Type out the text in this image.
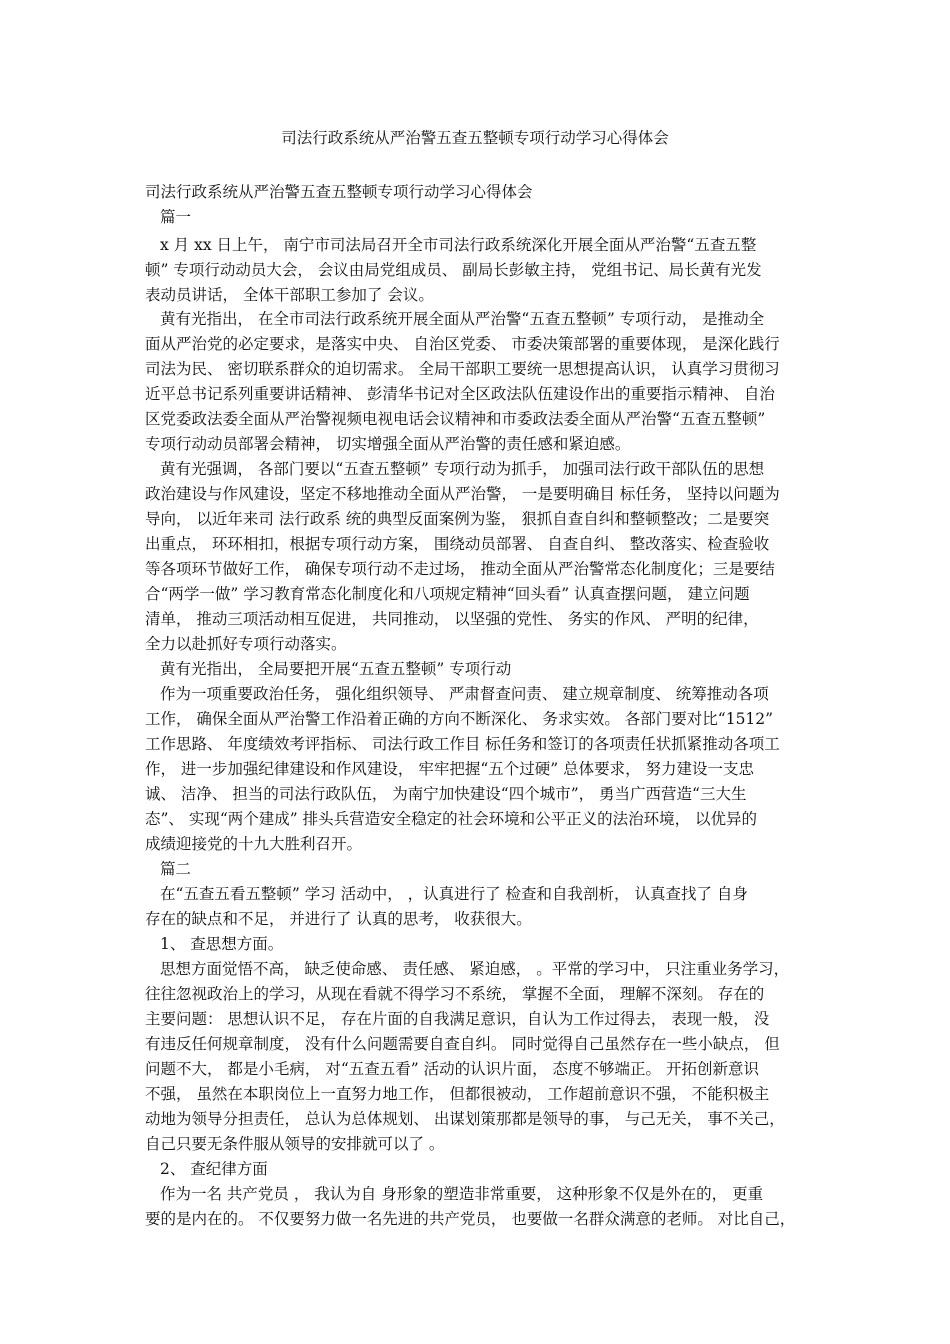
司法行政系统从严治警五查五整顿专项行动学习心得体会
司法行政系统从严治警五查五整顿专项行动学习心得体会
篇一
x 月 xx 日上午， 南宁市司法局召开全市司法行政系统深化开展全面从严治警“五查五整
顿” 专项行动动员大会， 会议由局党组成员、 副局长彭敏主持， 党组书记、局长黄有光发
表动员讲话， 全体干部职工参加了 会议。
黄有光指出， 在全市司法行政系统开展全面从严治警“五查五整顿” 专项行动， 是推动全
面从严治党的必定要求，是落实中央、 自治区党委、 市委决策部署的重要体现， 是深化践行
司法为民、 密切联系群众的迫切需求。 全局干部职工要统一思想提高认识， 认真学习贯彻习
近平总书记系列重要讲话精神、 彭清华书记对全区政法队伍建设作出的重要指示精神、 自治
区党委政法委全面从严治警视频电视电话会议精神和市委政法委全面从严治警“五查五整顿”
专项行动动员部署会精神， 切实增强全面从严治警的责任感和紧迫感。
黄有光强调， 各部门要以“五查五整顿” 专项行动为抓手， 加强司法行政干部队伍的思想
政治建设与作风建设，坚定不移地推动全面从严治警， 一是要明确目 标任务， 坚持以问题为
导向， 以近年来司 法行政系 统的典型反面案例为鉴， 狠抓自查自纠和整顿整改；二是要突
出重点， 环环相扣，根据专项行动方案， 围绕动员部署、 自查自纠、 整改落实、检查验收
等各项环节做好工作， 确保专项行动不走过场， 推动全面从严治警常态化制度化；三是要结
合“两学一做” 学习教育常态化制度化和八项规定精神“回头看” 认真查摆问题， 建立问题
清单， 推动三项活动相互促进， 共同推动， 以坚强的党性、 务实的作风、 严明的纪律，
全力以赴抓好专项行动落实。
黄有光指出， 全局要把开展“五查五整顿” 专项行动
作为一项重要政治任务， 强化组织领导、 严肃督查问责、 建立规章制度、 统筹推动各项
工作， 确保全面从严治警工作沿着正确的方向不断深化、 务求实效。 各部门要对比“1512”
工作思路、 年度绩效考评指标、 司法行政工作目 标任务和签订的各项责任状抓紧推动各项工
作， 进一步加强纪律建设和作风建设， 牢牢把握“五个过硬” 总体要求， 努力建设一支忠
诚、 洁净、 担当的司法行政队伍， 为南宁加快建设“四个城市”， 勇当广西营造“三大生
态”、 实现“两个建成” 排头兵营造安全稳定的社会环境和公平正义的法治环境， 以优异的
成绩迎接党的十九大胜利召开。
篇二
在“五查五看五整顿” 学习 活动中， ，认真进行了 检查和自我剖析， 认真查找了 自身
存在的缺点和不足， 并进行了 认真的思考， 收获很大。
1、 查思想方面。
思想方面觉悟不高， 缺乏使命感、 责任感、 紧迫感， 。平常的学习中， 只注重业务学习，
往往忽视政治上的学习，从现在看就不得学习不系统， 掌握不全面， 理解不深刻。 存在的
主要问题： 思想认识不足， 存在片面的自我满足意识，自认为工作过得去， 表现一般， 没
有违反任何规章制度， 没有什么问题需要自查自纠。 同时觉得自己虽然存在一些小缺点， 但
问题不大， 都是小毛病， 对“五查五看” 活动的认识片面， 态度不够端正。 开拓创新意识
不强， 虽然在本职岗位上一直努力地工作， 但都很被动， 工作超前意识不强， 不能积极主
动地为领导分担责任， 总认为总体规划、 出谋划策那都是领导的事， 与己无关， 事不关己，
自己只要无条件服从领导的安排就可以了 。
2、 查纪律方面
作为一名 共产党员 ， 我认为自 身形象的塑造非常重要， 这种形象不仅是外在的， 更重
要的是内在的。 不仅要努力做一名先进的共产党员， 也要做一名群众满意的老师。 对比自己，
